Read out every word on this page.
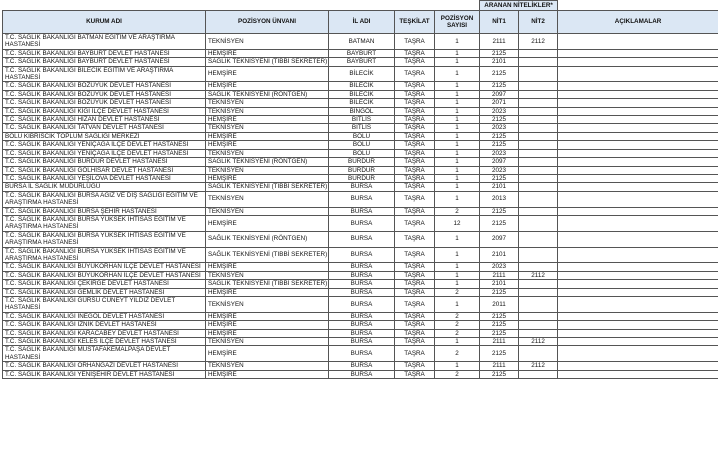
					ARANAN NİTELİKLER*		
KURUM ADI	POZİSYON ÜNVANI	İL ADI	TEŞKİLAT	POZİSYON SAYISI	NİT1	NİT2	AÇIKLAMALAR
T.C. SAĞLIK BAKANLIĞI BATMAN EĞİTİM VE ARAŞTIRMA HASTANESİ	TEKNİSYEN	BATMAN	TAŞRA	1	2111	2112	
T.C. SAĞLIK BAKANLIĞI BAYBURT DEVLET HASTANESİ	HEMŞİRE	BAYBURT	TAŞRA	1	2125		
T.C. SAĞLIK BAKANLIĞI BAYBURT DEVLET HASTANESİ	SAĞLIK TEKNİSYENİ (TIBBİ SEKRETER)	BAYBURT	TAŞRA	1	2101		
T.C. SAĞLIK BAKANLIĞI BİLECİK EĞİTİM VE ARAŞTIRMA HASTANESİ	HEMŞİRE	BİLECİK	TAŞRA	1	2125		
T.C. SAĞLIK BAKANLIĞI BOZÜYÜK DEVLET HASTANESİ	HEMŞİRE	BİLECİK	TAŞRA	1	2125		
T.C. SAĞLIK BAKANLIĞI BOZÜYÜK DEVLET HASTANESİ	SAĞLIK TEKNİSYENİ (RÖNTGEN)	BİLECİK	TAŞRA	1	2097		
T.C. SAĞLIK BAKANLIĞI BOZÜYÜK DEVLET HASTANESİ	TEKNİSYEN	BİLECİK	TAŞRA	1	2071		
T.C. SAĞLIK BAKANLIĞI KİĞI İLÇE DEVLET HASTANESİ	TEKNİSYEN	BİNGÖL	TAŞRA	1	2023		
T.C. SAĞLIK BAKANLIĞI HİZAN DEVLET HASTANESİ	HEMŞİRE	BİTLİS	TAŞRA	1	2125		
T.C. SAĞLIK BAKANLIĞI TATVAN DEVLET HASTANESİ	TEKNİSYEN	BİTLİS	TAŞRA	1	2023		
BOLU KIBRISCIK TOPLUM SAĞLIĞI MERKEZİ	HEMŞİRE	BOLU	TAŞRA	1	2125		
T.C. SAĞLIK BAKANLIĞI YENİÇAĞA İLÇE DEVLET HASTANESİ	HEMŞİRE	BOLU	TAŞRA	1	2125		
T.C. SAĞLIK BAKANLIĞI YENİÇAĞA İLÇE DEVLET HASTANESİ	TEKNİSYEN	BOLU	TAŞRA	1	2023		
T.C. SAĞLIK BAKANLIĞI BURDUR DEVLET HASTANESİ	SAĞLIK TEKNİSYENİ (RÖNTGEN)	BURDUR	TAŞRA	1	2097		
T.C. SAĞLIK BAKANLIĞI GÖLHİSAR DEVLET HASTANESİ	TEKNİSYEN	BURDUR	TAŞRA	1	2023		
T.C. SAĞLIK BAKANLIĞI YEŞİLOVA DEVLET HASTANESİ	HEMŞİRE	BURDUR	TAŞRA	1	2125		
BURSA İL SAĞLIK MÜDÜRLÜĞÜ	SAĞLIK TEKNİSYENİ (TIBBİ SEKRETER)	BURSA	TAŞRA	1	2101		
T.C. SAĞLIK BAKANLIĞI BURSA AĞIZ VE DİŞ SAĞLIĞI EĞİTİM VE ARAŞTIRMA HASTANESİ	TEKNİSYEN	BURSA	TAŞRA	1	2013		
T.C. SAĞLIK BAKANLIĞI BURSA ŞEHİR HASTANESİ	TEKNİSYEN	BURSA	TAŞRA	2	2125		
T.C. SAĞLIK BAKANLIĞI BURSA YÜKSEK İHTİSAS EĞİTİM VE ARAŞTIRMA HASTANESİ	HEMŞİRE	BURSA	TAŞRA	12	2125		
T.C. SAĞLIK BAKANLIĞI BURSA YÜKSEK İHTİSAS EĞİTİM VE ARAŞTIRMA HASTANESİ	SAĞLIK TEKNİSYENİ (RÖNTGEN)	BURSA	TAŞRA	1	2097		
T.C. SAĞLIK BAKANLIĞI BURSA YÜKSEK İHTİSAS EĞİTİM VE ARAŞTIRMA HASTANESİ	SAĞLIK TEKNİSYENİ (TIBBİ SEKRETER)	BURSA	TAŞRA	1	2101		
T.C. SAĞLIK BAKANLIĞI BÜYÜKORHAN İLÇE DEVLET HASTANESİ	HEMŞİRE	BURSA	TAŞRA	1	2023		
T.C. SAĞLIK BAKANLIĞI BÜYÜKORHAN İLÇE DEVLET HASTANESİ	TEKNİSYEN	BURSA	TAŞRA	1	2111	2112	
T.C. SAĞLIK BAKANLIĞI ÇEKİRGE DEVLET HASTANESİ	SAĞLIK TEKNİSYENİ (TIBBİ SEKRETER)	BURSA	TAŞRA	1	2101		
T.C. SAĞLIK BAKANLIĞI GEMLİK DEVLET HASTANESİ	HEMŞİRE	BURSA	TAŞRA	2	2125		
T.C. SAĞLIK BAKANLIĞI GÜRSU CÜNEYT YILDIZ DEVLET HASTANESİ	TEKNİSYEN	BURSA	TAŞRA	1	2011		
T.C. SAĞLIK BAKANLIĞI İNEGÖL DEVLET HASTANESİ	HEMŞİRE	BURSA	TAŞRA	2	2125		
T.C. SAĞLIK BAKANLIĞI İZNİK DEVLET HASTANESİ	HEMŞİRE	BURSA	TAŞRA	2	2125		
T.C. SAĞLIK BAKANLIĞI KARACABEY DEVLET HASTANESİ	HEMŞİRE	BURSA	TAŞRA	2	2125		
T.C. SAĞLIK BAKANLIĞI KELES İLÇE DEVLET HASTANESİ	TEKNİSYEN	BURSA	TAŞRA	1	2111	2112	
T.C. SAĞLIK BAKANLIĞI MUSTAFAKEMALPAŞA DEVLET HASTANESİ	HEMŞİRE	BURSA	TAŞRA	2	2125		
T.C. SAĞLIK BAKANLIĞI ORHANGAZİ DEVLET HASTANESİ	TEKNİSYEN	BURSA	TAŞRA	1	2111	2112	
T.C. SAĞLIK BAKANLIĞI YENİŞEHİR DEVLET HASTANESİ	HEMŞİRE	BURSA	TAŞRA	2	2125		
